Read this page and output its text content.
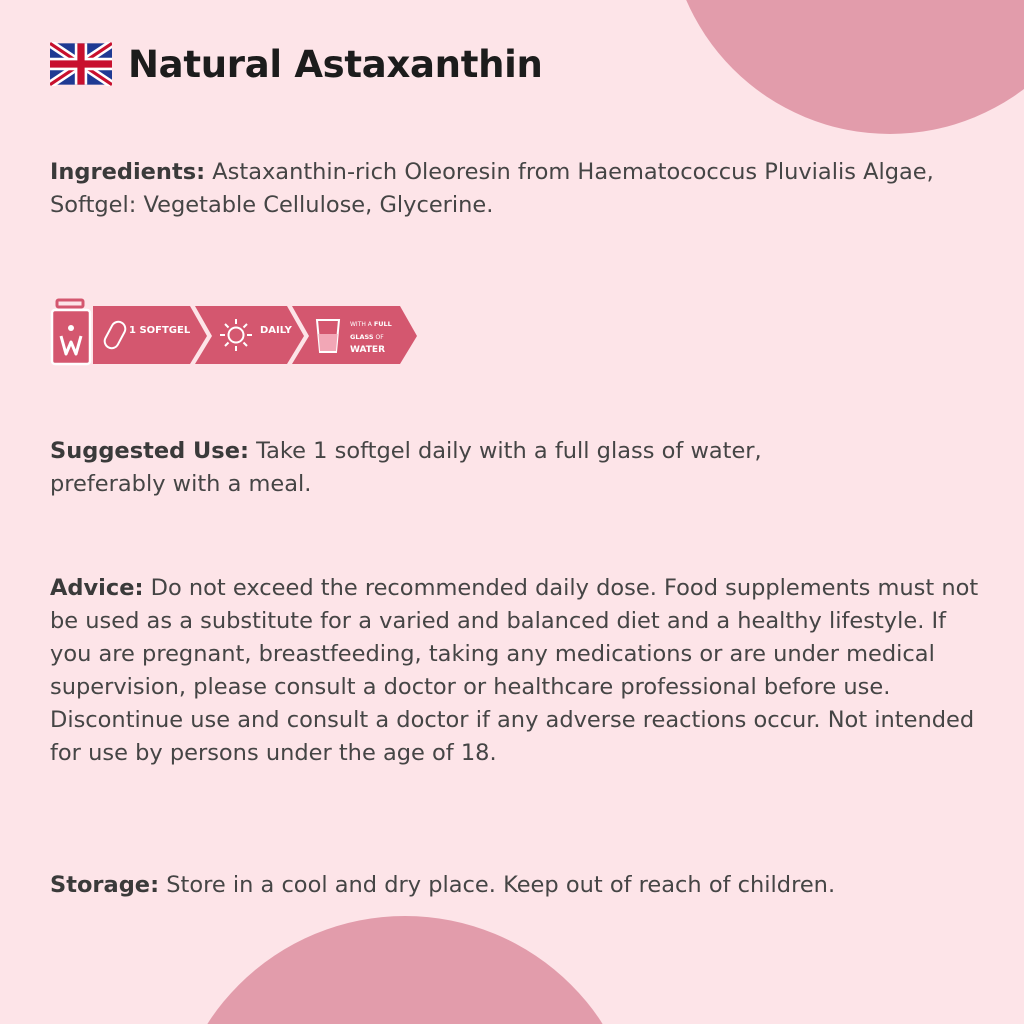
Natural Astaxanthin

Ingredients: Astaxanthin-rich Oleoresin from Haematococcus Pluvialis Algae, Softgel: Vegetable Cellulose, Glycerine.

1 SOFTGEL	DAILY
WITH A FULL
GLASS OF
WATER

Suggested Use: Take 1 softgel daily with a full glass of water, preferably with a meal.

Advice: Do not exceed the recommended daily dose. Food supplements must not be used as a substitute for a varied and balanced diet and a healthy lifestyle. If you are pregnant, breastfeeding, taking any medications or are under medical supervision, please consult a doctor or healthcare professional before use. Discontinue use and consult a doctor if any adverse reactions occur. Not intended for use by persons under the age of 18.

Storage: Store in a cool and dry place. Keep out of reach of children.
